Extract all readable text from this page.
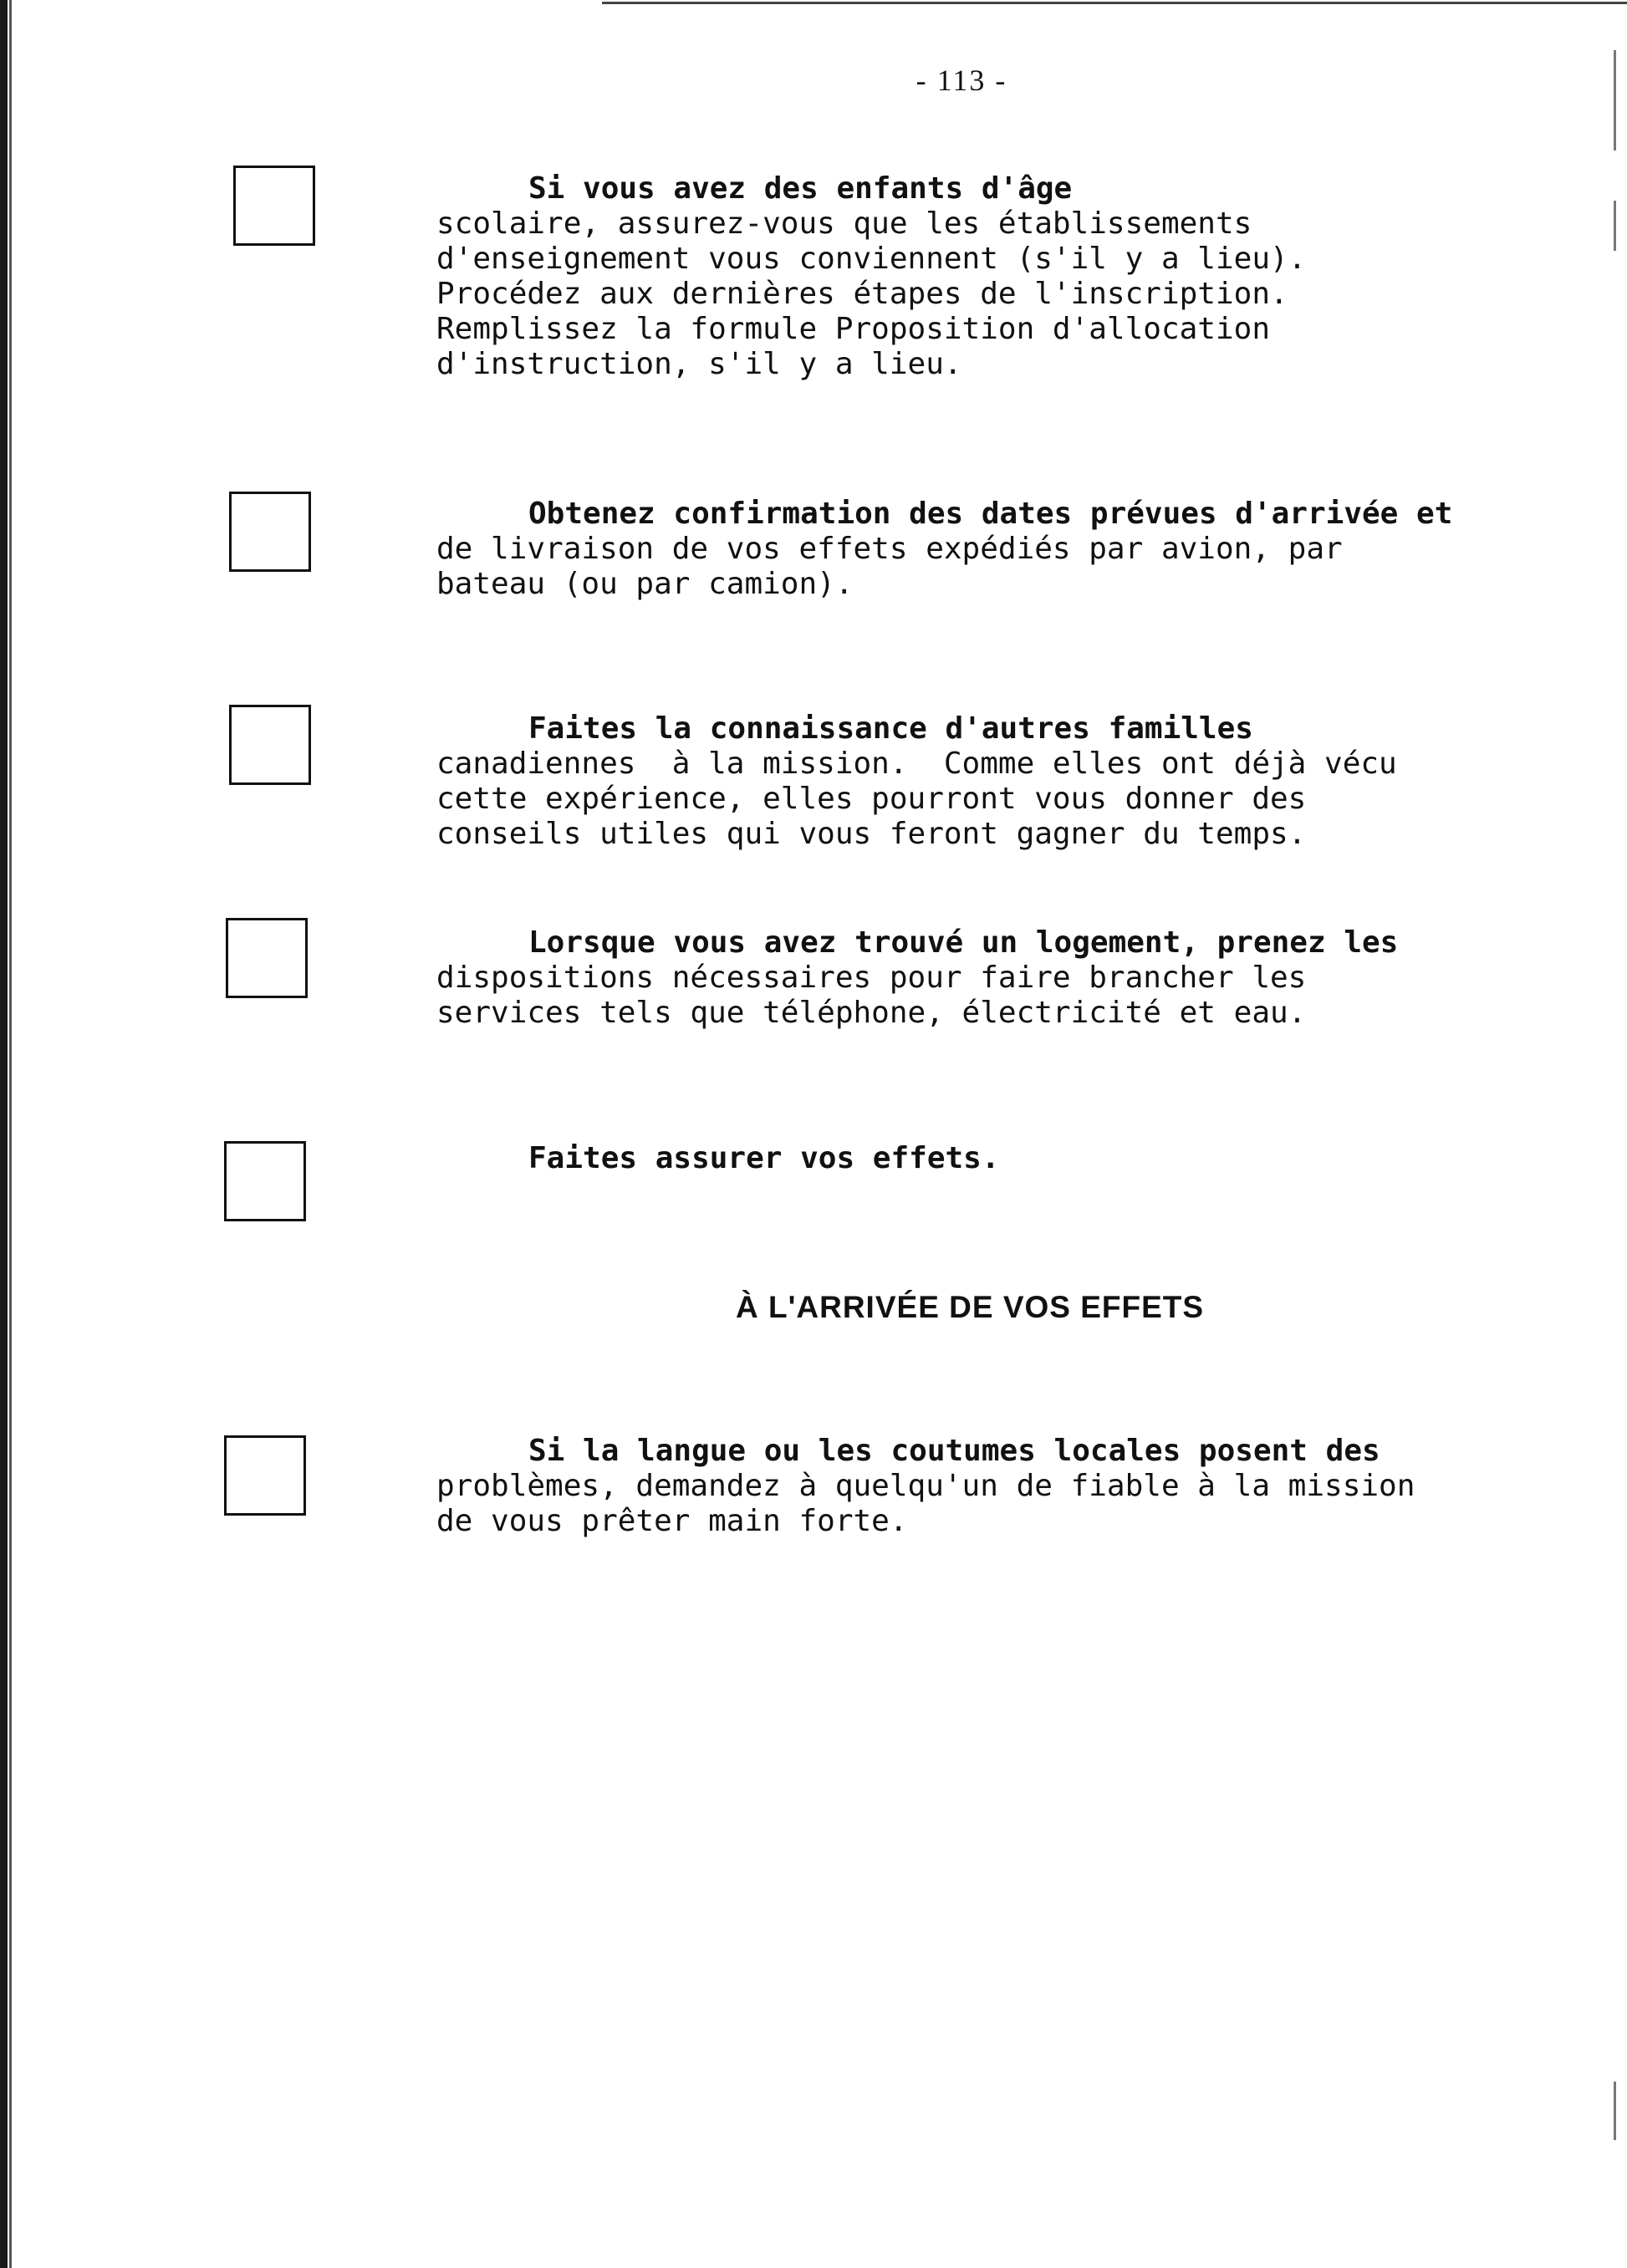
- 113 -
Si vous avez des enfants d'âge
scolaire, assurez-vous que les établissements
d'enseignement vous conviennent (s'il y a lieu).
Procédez aux dernières étapes de l'inscription.
Remplissez la formule Proposition d'allocation
d'instruction, s'il y a lieu.
Obtenez confirmation des dates prévues d'arrivée et
de livraison de vos effets expédiés par avion, par
bateau (ou par camion).
Faites la connaissance d'autres familles
canadiennes  à la mission.  Comme elles ont déjà vécu
cette expérience, elles pourront vous donner des
conseils utiles qui vous feront gagner du temps.
Lorsque vous avez trouvé un logement, prenez les
dispositions nécessaires pour faire brancher les
services tels que téléphone, électricité et eau.
Faites assurer vos effets.
À L'ARRIVÉE DE VOS EFFETS
Si la langue ou les coutumes locales posent des
problèmes, demandez à quelqu'un de fiable à la mission
de vous prêter main forte.
